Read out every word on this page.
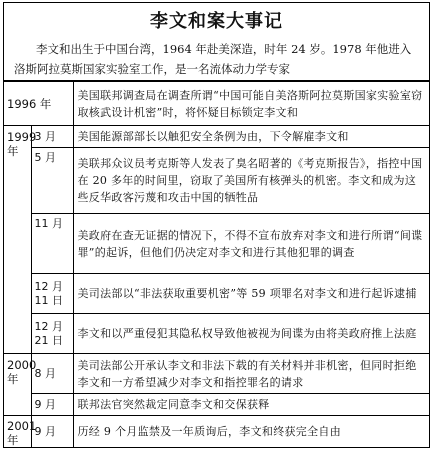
李文和案大事记
李文和出生于中国台湾，1964 年赴美深造，时年 24 岁。1978 年他进入洛斯阿拉莫斯国家实验室工作，是一名流体动力学专家
1996 年		美国联邦调查局在调查所谓“中国可能自美洛斯阿拉莫斯国家实验室窃取核武设计机密”时，将怀疑目标锁定李文和
1999 年	3 月	美国能源部部长以触犯安全条例为由，下令解雇李文和
	5 月	美联邦众议员考克斯等人发表了臭名昭著的《考克斯报告》，指控中国在 20 多年的时间里，窃取了美国所有核弹头的机密。李文和成为这些反华政客污蔑和攻击中国的牺牲品
	11 月	美政府在查无证据的情况下，不得不宣布放弃对李文和进行所谓“间谍罪”的起诉，但他们仍决定对李文和进行其他犯罪的调查
	12 月 11 日	美司法部以“非法获取重要机密”等 59 项罪名对李文和进行起诉逮捕
	12 月 21 日	李文和以严重侵犯其隐私权导致他被视为间谍为由将美政府推上法庭
2000 年	8 月	美司法部公开承认李文和非法下载的有关材料并非机密，但同时拒绝李文和一方希望减少对李文和指控罪名的请求
	9 月	联邦法官突然裁定同意李文和交保获释
2001 年	9 月	历经 9 个月监禁及一年质询后，李文和终获完全自由
